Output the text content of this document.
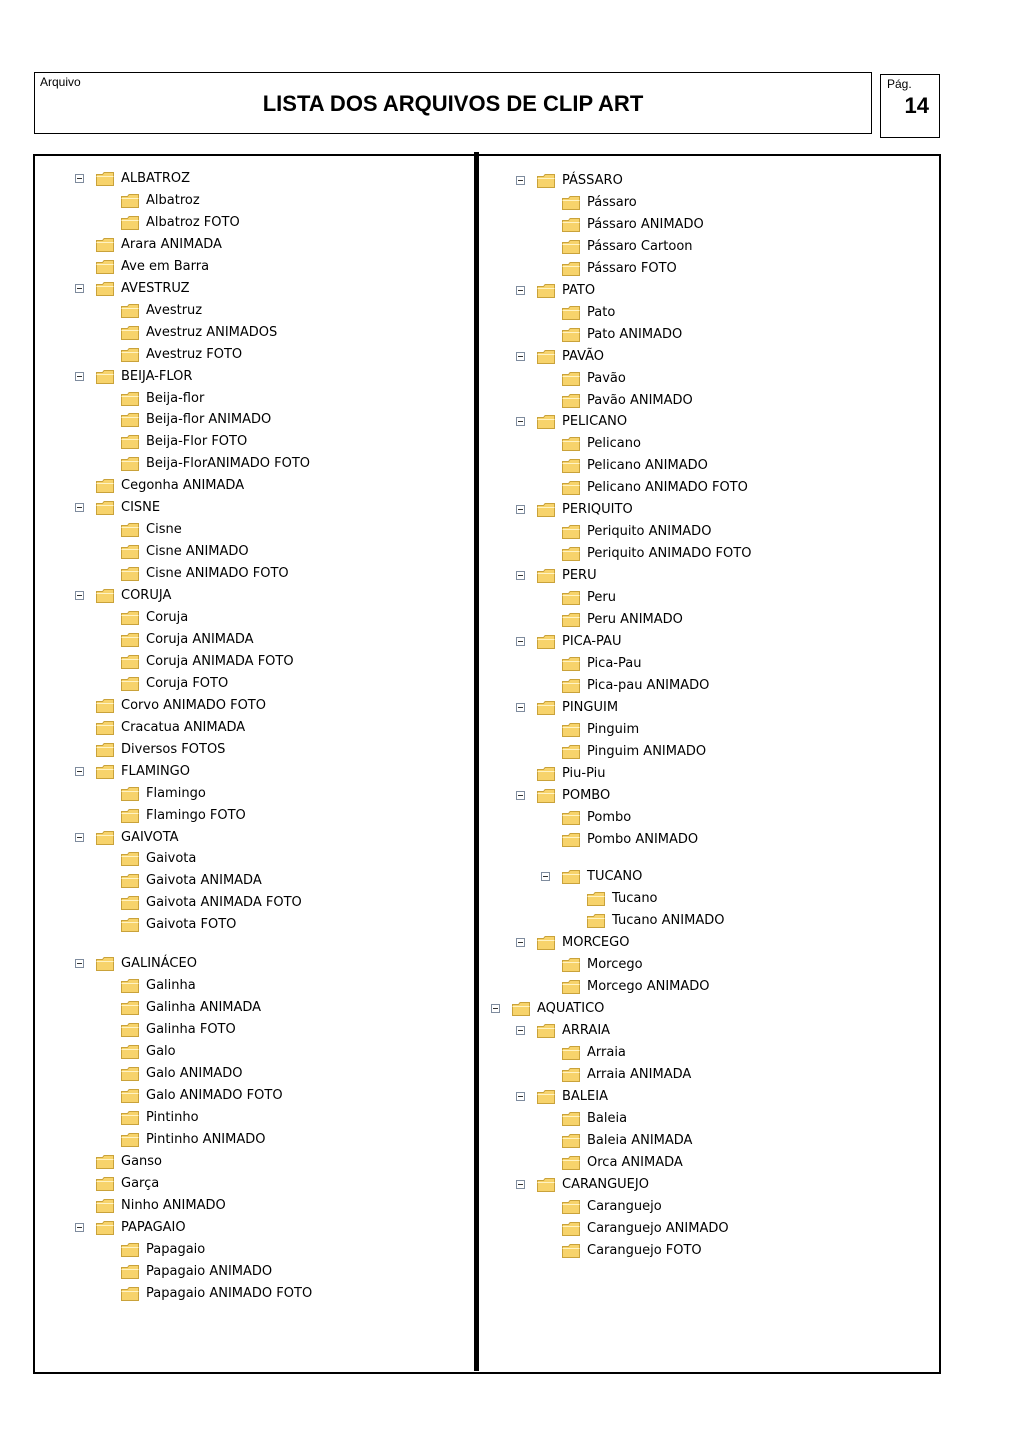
Arquivo
LISTA DOS ARQUIVOS DE CLIP ART
Pág.
14
ALBATROZ
Albatroz
Albatroz FOTO
Arara ANIMADA
Ave em Barra
AVESTRUZ
Avestruz
Avestruz ANIMADOS
Avestruz FOTO
BEIJA-FLOR
Beija-flor
Beija-flor ANIMADO
Beija-Flor FOTO
Beija-FlorANIMADO FOTO
Cegonha ANIMADA
CISNE
Cisne
Cisne ANIMADO
Cisne ANIMADO FOTO
CORUJA
Coruja
Coruja ANIMADA
Coruja ANIMADA FOTO
Coruja FOTO
Corvo ANIMADO FOTO
Cracatua ANIMADA
Diversos FOTOS
FLAMINGO
Flamingo
Flamingo FOTO
GAIVOTA
Gaivota
Gaivota ANIMADA
Gaivota ANIMADA FOTO
Gaivota FOTO
GALINÁCEO
Galinha
Galinha ANIMADA
Galinha FOTO
Galo
Galo ANIMADO
Galo ANIMADO FOTO
Pintinho
Pintinho ANIMADO
Ganso
Garça
Ninho ANIMADO
PAPAGAIO
Papagaio
Papagaio ANIMADO
Papagaio ANIMADO FOTO
PÁSSARO
Pássaro
Pássaro ANIMADO
Pássaro Cartoon
Pássaro FOTO
PATO
Pato
Pato ANIMADO
PAVÃO
Pavão
Pavão ANIMADO
PELICANO
Pelicano
Pelicano ANIMADO
Pelicano ANIMADO FOTO
PERIQUITO
Periquito ANIMADO
Periquito ANIMADO FOTO
PERU
Peru
Peru ANIMADO
PICA-PAU
Pica-Pau
Pica-pau ANIMADO
PINGUIM
Pinguim
Pinguim ANIMADO
Piu-Piu
POMBO
Pombo
Pombo ANIMADO
TUCANO
Tucano
Tucano ANIMADO
MORCEGO
Morcego
Morcego ANIMADO
AQUATICO
ARRAIA
Arraia
Arraia ANIMADA
BALEIA
Baleia
Baleia ANIMADA
Orca ANIMADA
CARANGUEJO
Caranguejo
Caranguejo ANIMADO
Caranguejo FOTO
